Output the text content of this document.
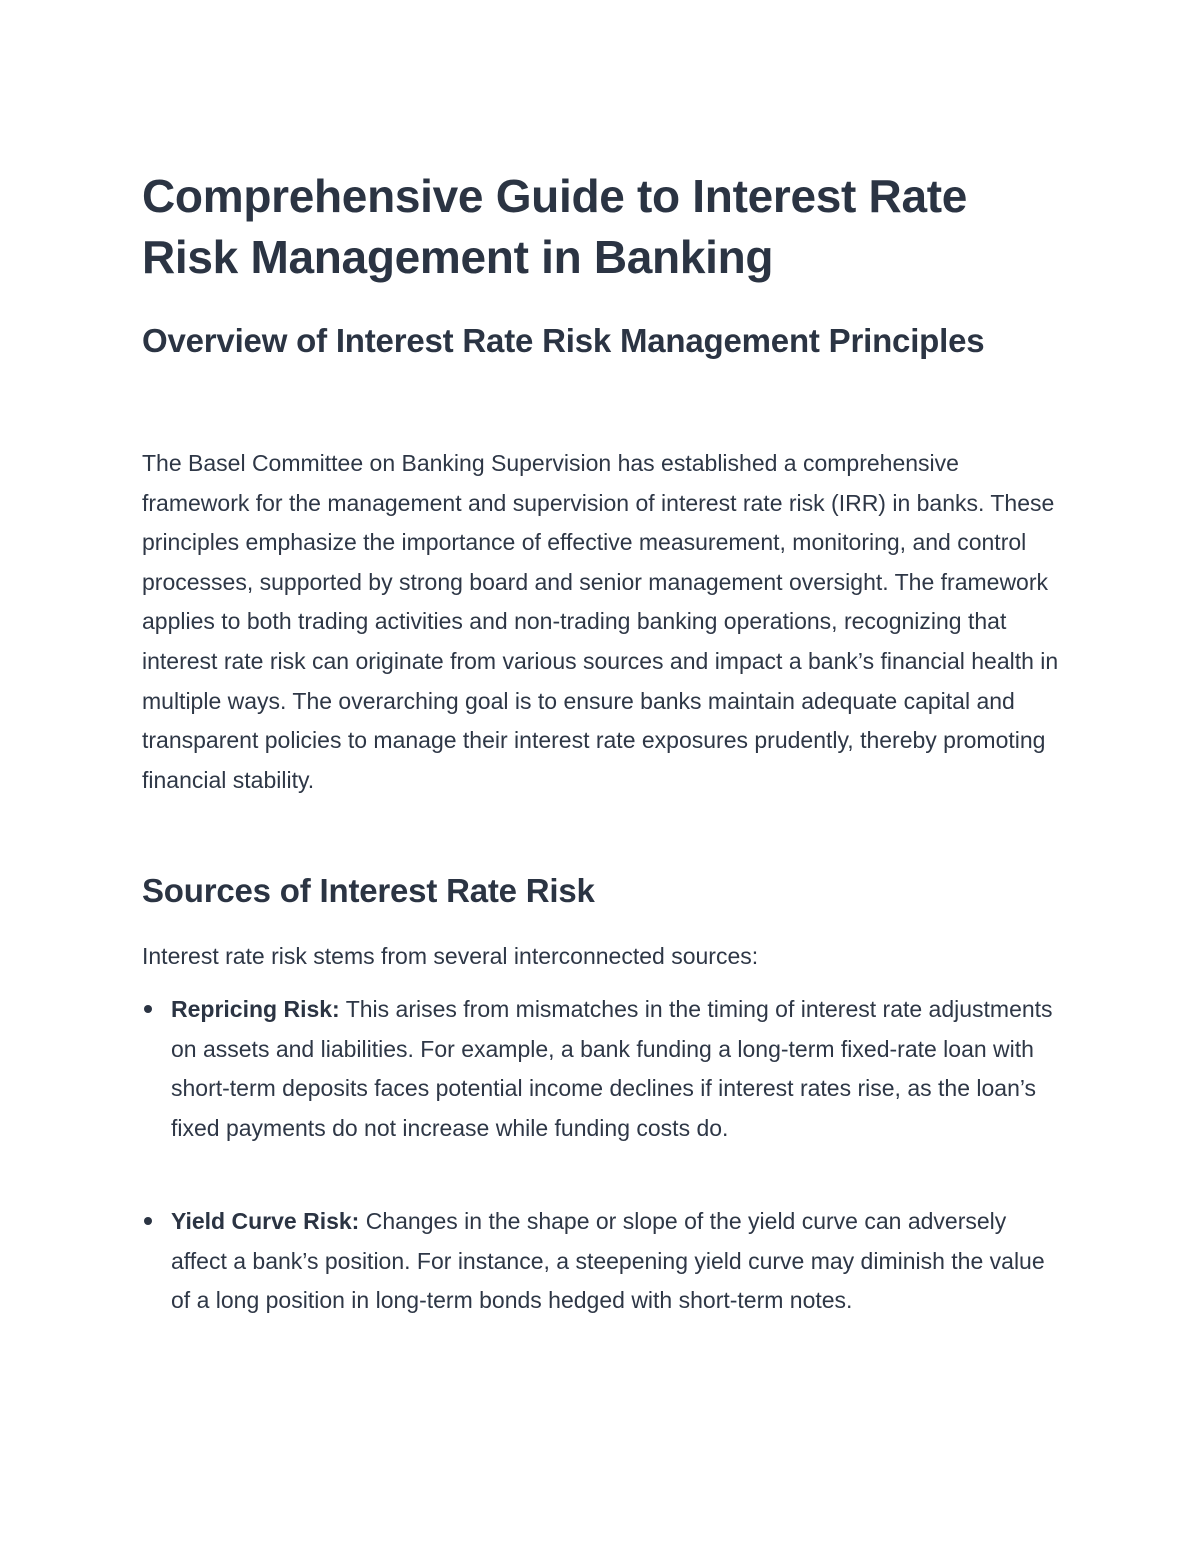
Comprehensive Guide to Interest Rate Risk Management in Banking
Overview of Interest Rate Risk Management Principles

The Basel Committee on Banking Supervision has established a comprehensive framework for the management and supervision of interest rate risk (IRR) in banks. These principles emphasize the importance of effective measurement, monitoring, and control processes, supported by strong board and senior management oversight. The framework applies to both trading activities and non-trading banking operations, recognizing that interest rate risk can originate from various sources and impact a bank’s financial health in multiple ways. The overarching goal is to ensure banks maintain adequate capital and transparent policies to manage their interest rate exposures prudently, thereby promoting financial stability.

Sources of Interest Rate Risk

Interest rate risk stems from several interconnected sources:

Repricing Risk: This arises from mismatches in the timing of interest rate adjustments on assets and liabilities. For example, a bank funding a long-term fixed-rate loan with short-term deposits faces potential income declines if interest rates rise, as the loan’s fixed payments do not increase while funding costs do.
Yield Curve Risk: Changes in the shape or slope of the yield curve can adversely affect a bank’s position. For instance, a steepening yield curve may diminish the value of a long position in long-term bonds hedged with short-term notes.
